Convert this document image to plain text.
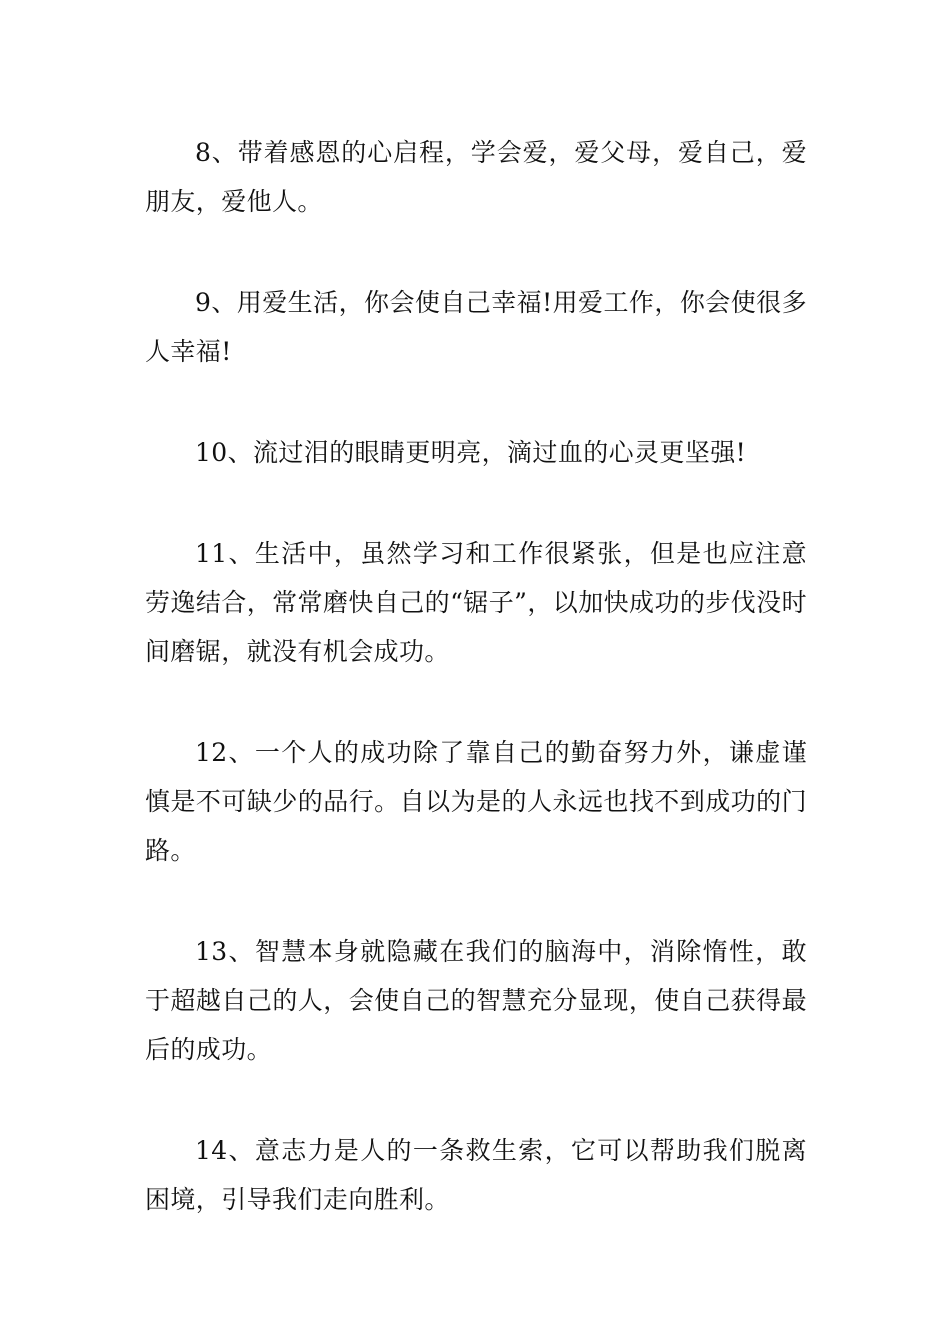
8、带着感恩的心启程，学会爱，爱父母，爱自己，爱朋友，爱他人。

9、用爱生活，你会使自己幸福!用爱工作，你会使很多人幸福!

10、流过泪的眼睛更明亮，滴过血的心灵更坚强!

11、生活中，虽然学习和工作很紧张，但是也应注意劳逸结合，常常磨快自己的“锯子”，以加快成功的步伐没时间磨锯，就没有机会成功。

12、一个人的成功除了靠自己的勤奋努力外，谦虚谨慎是不可缺少的品行。自以为是的人永远也找不到成功的门路。

13、智慧本身就隐藏在我们的脑海中，消除惰性，敢于超越自己的人，会使自己的智慧充分显现，使自己获得最后的成功。

14、意志力是人的一条救生索，它可以帮助我们脱离困境，引导我们走向胜利。
